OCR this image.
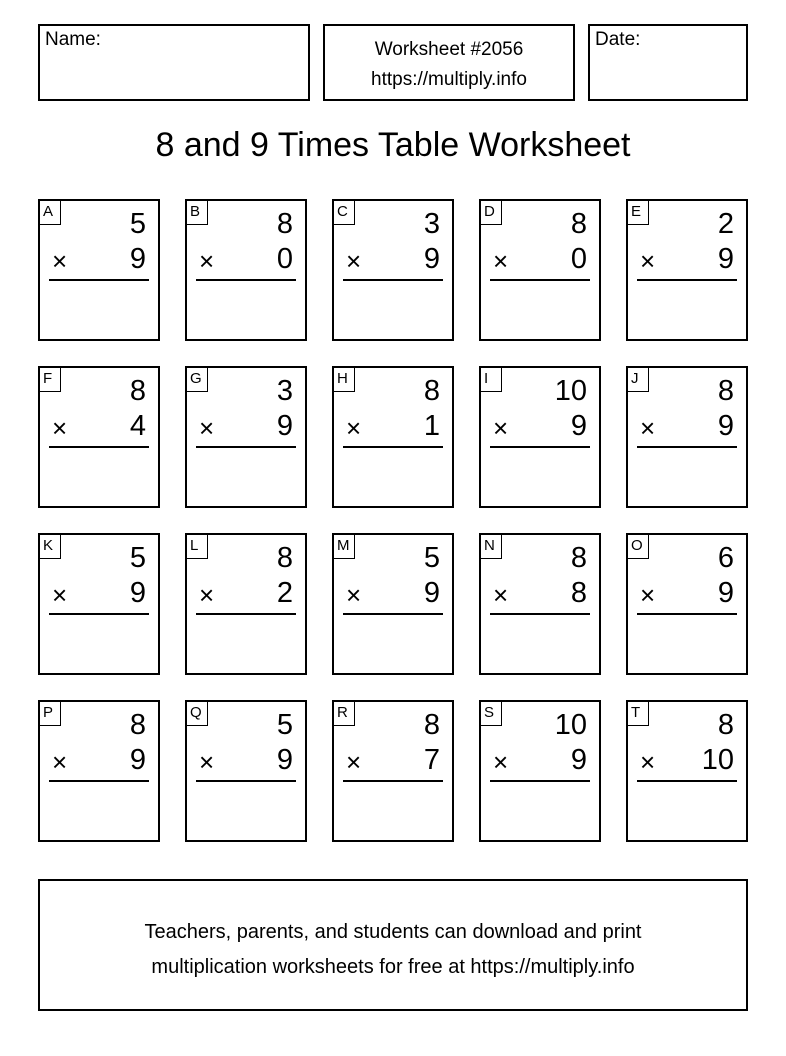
Name:	Worksheet #2056
https://multiply.info
Date:
8 and 9 Times Table Worksheet
A	5
× 9
B	8
× 0
C	3
× 9
D	8
× 0
E	2
× 9
F	8
× 4
G	3
× 9
H	8
× 1
I	10
× 9
J	8
× 9
K	5
× 9
L	8
× 2
M	5
× 9
N	8
× 8
O	6
× 9
P	8
× 9
Q	5
× 9
R	8
× 7
S 10
× 9
T	8
× 10
Teachers, parents, and students can download and print
multiplication worksheets for free at https://multiply.info
